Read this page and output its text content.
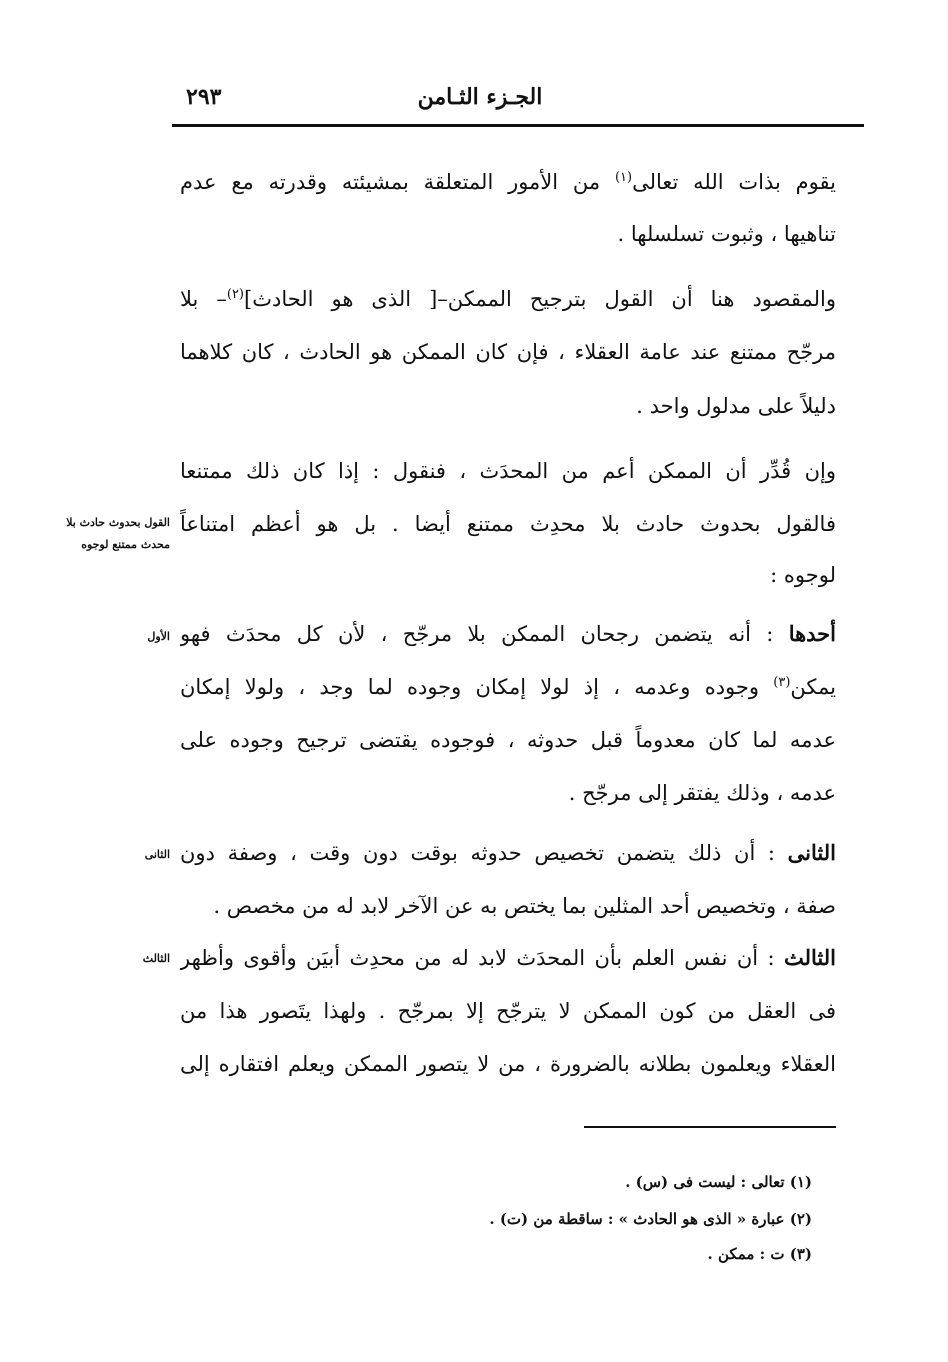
الجـزء الثـامن
٢٩٣
يقوم بذات الله تعالى$^{(١)}$ من الأمور المتعلقة بمشيئته وقدرته مع عدم
تناهيها ، وثبوت تسلسلها .
والمقصود هنا أن القول بترجيح الممكن–[ الذى هو الحادث]$^{(٢)}$– بلا
مرجّح ممتنع عند عامة العقلاء ، فإن كان الممكن هو الحادث ، كان كلاهما
دليلاً على مدلول واحد .
وإن قُدِّر أن الممكن أعم من المحدَث ، فنقول : إذا كان ذلك ممتنعا
فالقول بحدوث حادث بلا محدِث ممتنع أيضا . بل هو أعظم امتناعاً
لوجوه :
أحدها : أنه يتضمن رجحان الممكن بلا مرجّح ، لأن كل محدَث فهو
يمكن$^{(٣)}$ وجوده وعدمه ، إذ لولا إمكان وجوده لما وجد ، ولولا إمكان
عدمه لما كان معدوماً قبل حدوثه ، فوجوده يقتضى ترجيح وجوده على
عدمه ، وذلك يفتقر إلى مرجّح .
الثانى : أن ذلك يتضمن تخصيص حدوثه بوقت دون وقت ، وصفة دون
صفة ، وتخصيص أحد المثلين بما يختص به عن الآخر لابد له من مخصص .
الثالث : أن نفس العلم بأن المحدَث لابد له من محدِث أبيَن وأقوى وأظهر
فى العقل من كون الممكن لا يترجّح إلا بمرجّح . ولهذا يتَصور هذا من
العقلاء ويعلمون بطلانه بالضرورة ، من لا يتصور الممكن ويعلم افتقاره إلى
القول بحدوث حادث بلا
محدث ممتنع لوجوه
الأول
الثانى
الثالث
(١) تعالى : ليست فى (س) .
(٢) عبارة « الذى هو الحادث » : ساقطة من (ت) .
(٣) ت : ممكن .
